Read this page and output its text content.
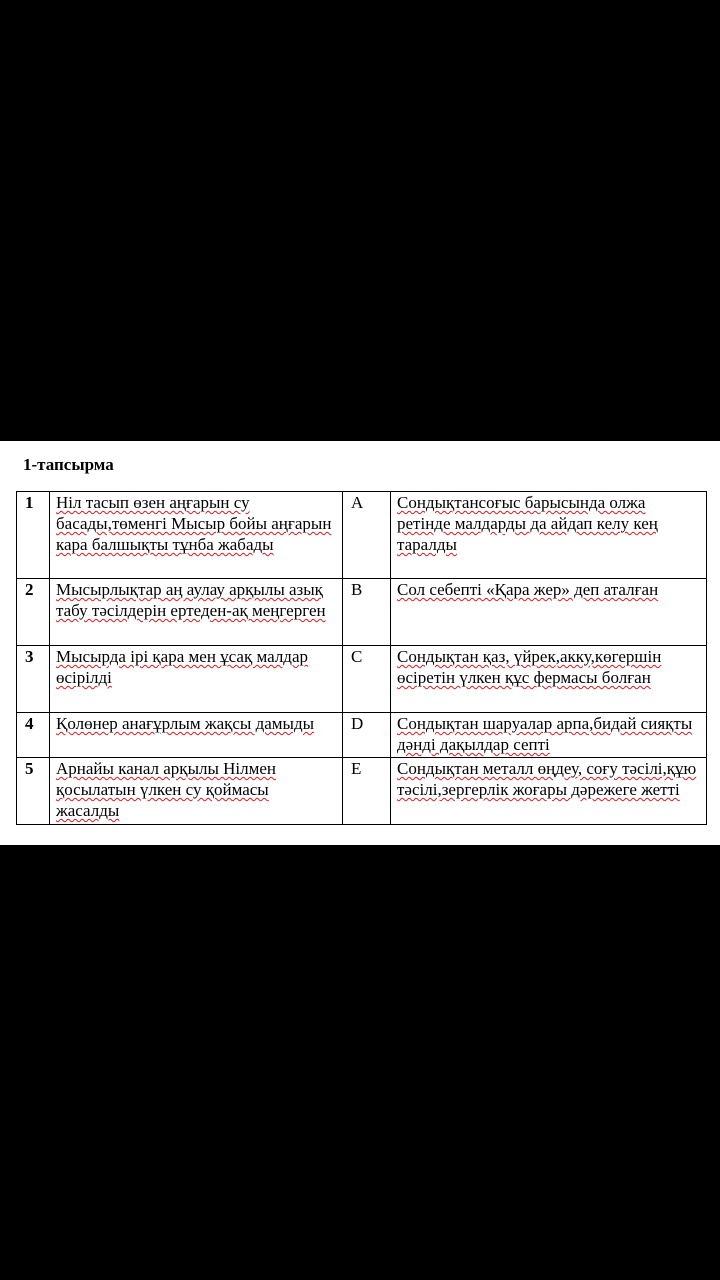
1-тапсырма
1	Ніл тасып өзен аңғарын су басады,төменгі Мысыр бойы аңғарын кара балшықты тұнба жабады	A	Сондықтансоғыс барысында олжа ретінде малдарды да айдап келу кең таралды
2	Мысырлықтар аң аулау арқылы азық табу тәсілдерін ертеден-ақ меңгерген	B	Сол себепті «Қара жер» деп аталған
3	Мысырда ірі қара мен ұсақ малдар өсірілді	C	Сондықтан қаз, үйрек,акку,көгершін өсіретін үлкен құс фермасы болған
4	Қолөнер анағұрлым жақсы дамыды	D	Сондықтан шаруалар арпа,бидай сияқты дәнді дақылдар септі
5	Арнайы канал арқылы Нілмен қосылатын үлкен су қоймасы жасалды	E	Сондықтан металл өңдеу, соғу тәсілі,құю тәсілі,зергерлік жоғары дәрежеге жетті
